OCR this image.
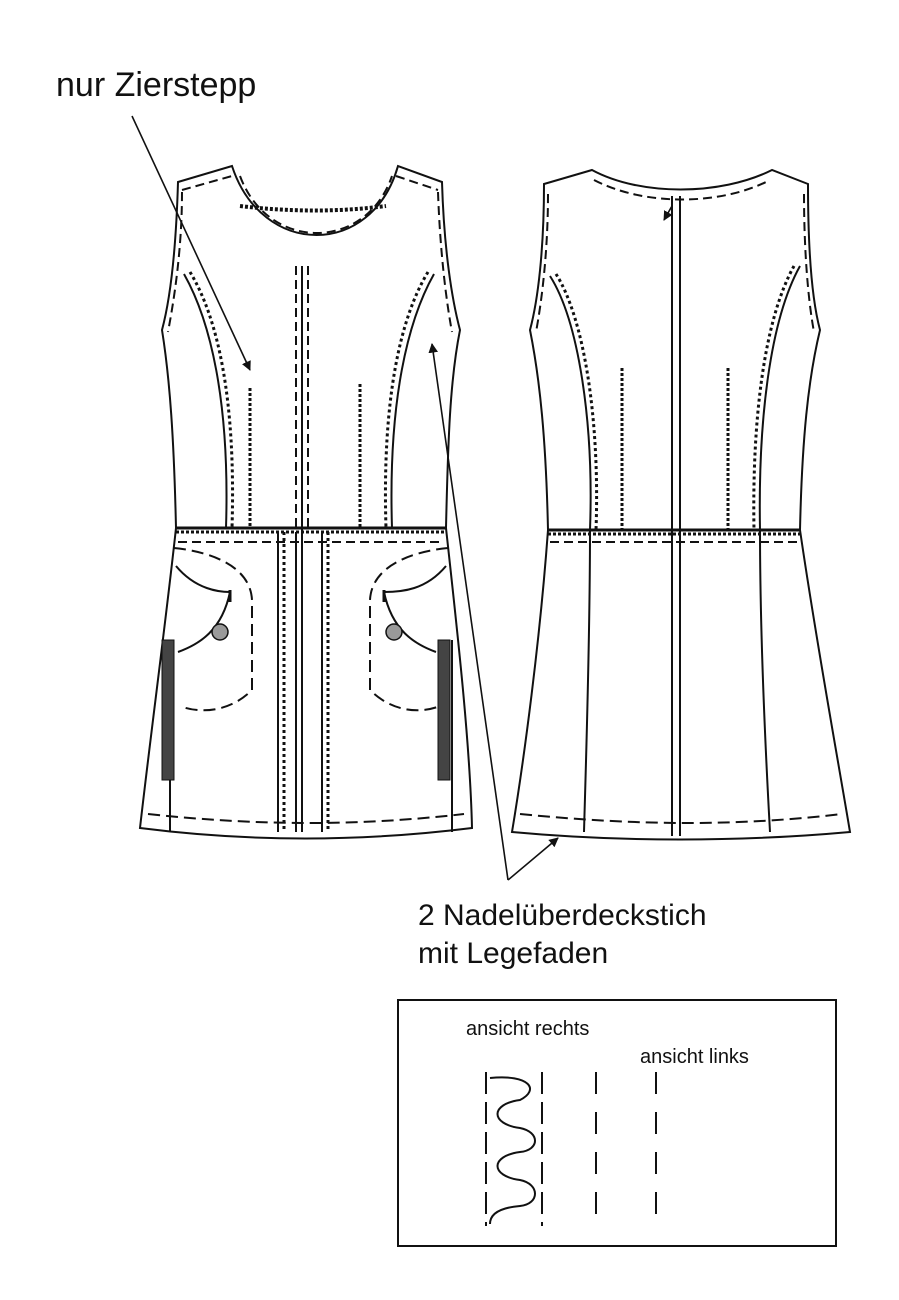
nur Zierstepp

2 Nadelüberdeckstich
mit Legefaden

ansicht rechts

ansicht links
